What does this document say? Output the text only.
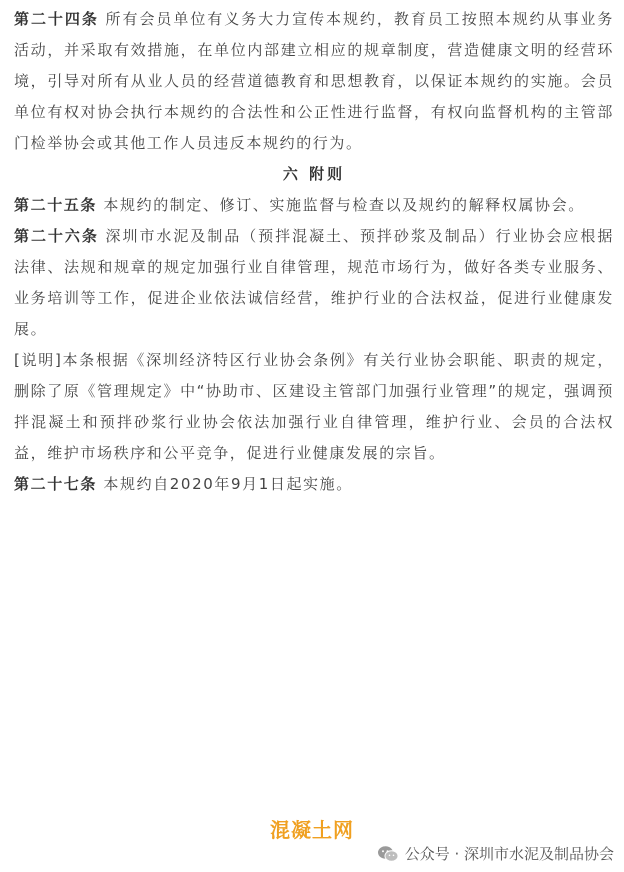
第二十四条 所有会员单位有义务大力宣传本规约，教育员工按照本规约从事业务活动，并采取有效措施，在单位内部建立相应的规章制度，营造健康文明的经营环境，引导对所有从业人员的经营道德教育和思想教育，以保证本规约的实施。会员单位有权对协会执行本规约的合法性和公正性进行监督，有权向监督机构的主管部门检举协会或其他工作人员违反本规约的行为。

六 附则

第二十五条 本规约的制定、修订、实施监督与检查以及规约的解释权属协会。

第二十六条 深圳市水泥及制品（预拌混凝土、预拌砂浆及制品）行业协会应根据法律、法规和规章的规定加强行业自律管理，规范市场行为，做好各类专业服务、业务培训等工作，促进企业依法诚信经营，维护行业的合法权益，促进行业健康发展。

[说明]本条根据《深圳经济特区行业协会条例》有关行业协会职能、职责的规定，删除了原《管理规定》中“协助市、区建设主管部门加强行业管理”的规定，强调预拌混凝土和预拌砂浆行业协会依法加强行业自律管理，维护行业、会员的合法权益，维护市场秩序和公平竞争，促进行业健康发展的宗旨。

第二十七条 本规约自2020年9月1日起实施。

混凝土网
公众号 · 深圳市水泥及制品协会
